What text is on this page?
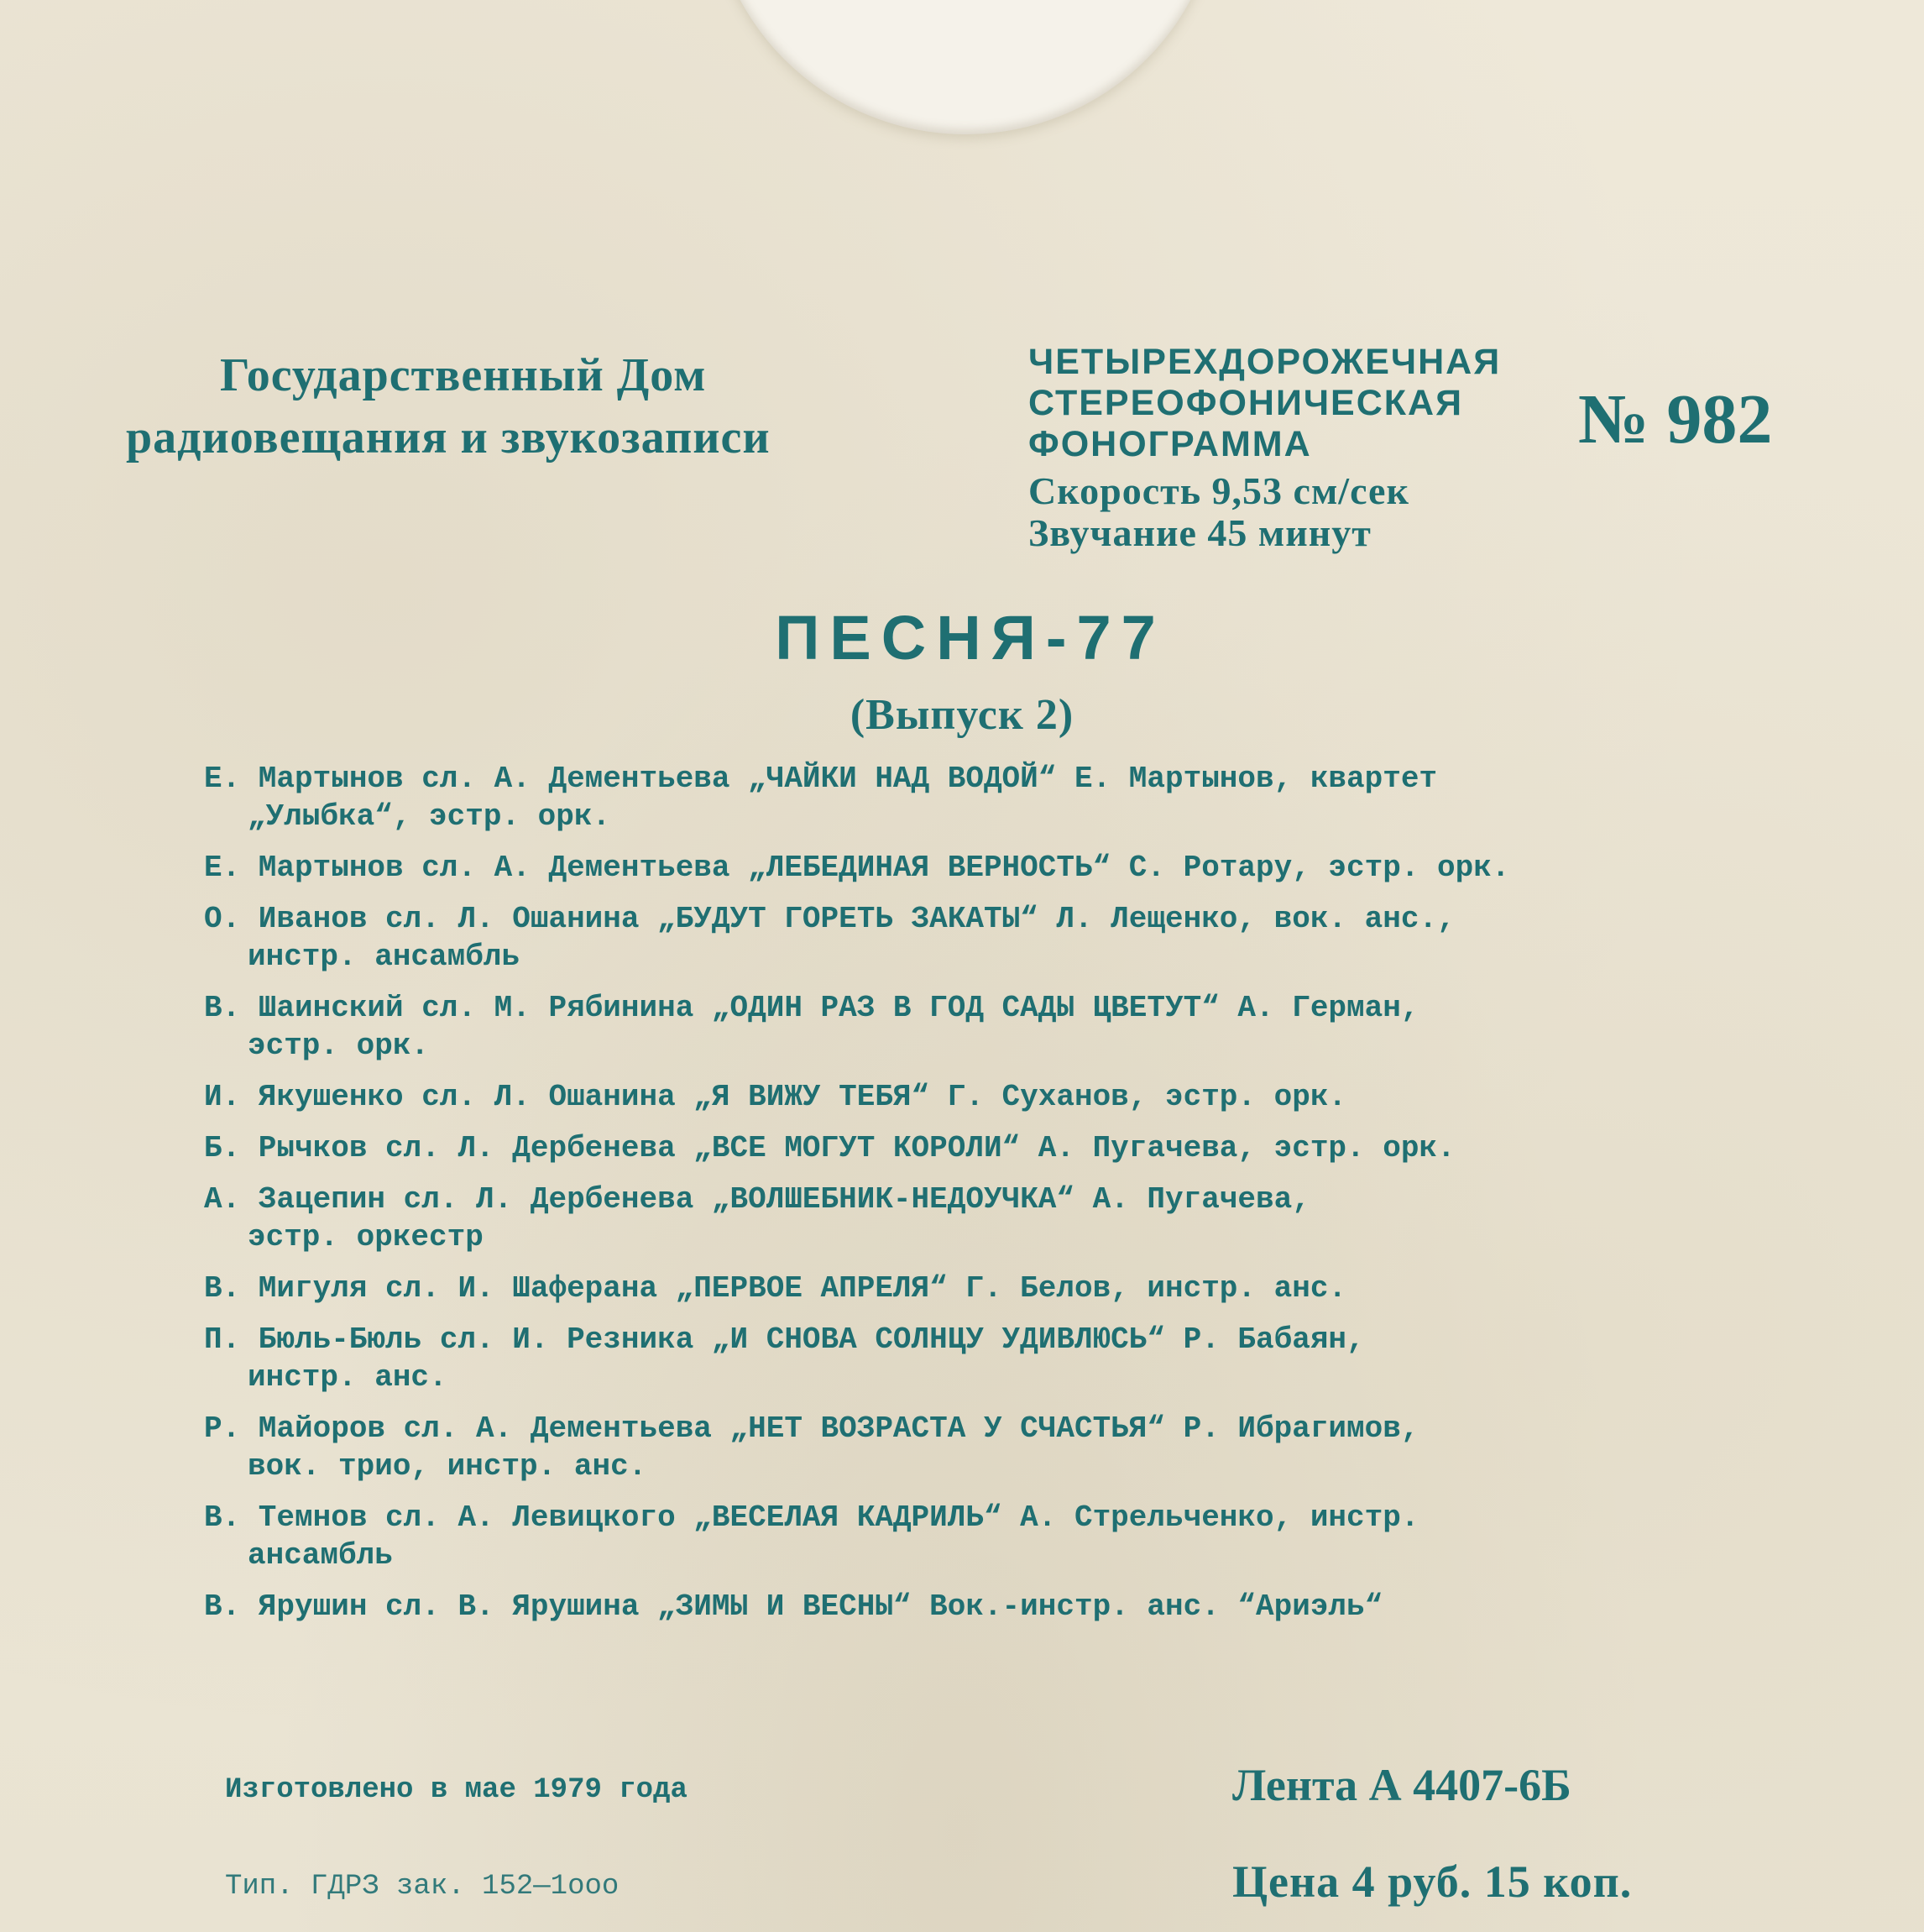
Государственный Дом
радиовещания и звукозаписи
ЧЕТЫРЕХДОРОЖЕЧНАЯ
СТЕРЕОФОНИЧЕСКАЯ
ФОНОГРАММА
Скорость 9,53 см/сек
Звучание 45 минут
№ 982
ПЕСНЯ-77
(Выпуск 2)
Е. Мартынов сл. А. Дементьева „ЧАЙКИ НАД ВОДОЙ“ Е. Мартынов, квартет
„Улыбка“, эстр. орк.
Е. Мартынов сл. А. Дементьева „ЛЕБЕДИНАЯ ВЕРНОСТЬ“ С. Ротару, эстр. орк.
О. Иванов сл. Л. Ошанина „БУДУТ ГОРЕТЬ ЗАКАТЫ“ Л. Лещенко, вок. анс.,
инстр. ансамбль
В. Шаинский сл. М. Рябинина „ОДИН РАЗ В ГОД САДЫ ЦВЕТУТ“ А. Герман,
эстр. орк.
И. Якушенко сл. Л. Ошанина „Я ВИЖУ ТЕБЯ“ Г. Суханов, эстр. орк.
Б. Рычков сл. Л. Дербенева „ВСЕ МОГУТ КОРОЛИ“ А. Пугачева, эстр. орк.
А. Зацепин сл. Л. Дербенева „ВОЛШЕБНИК-НЕДОУЧКА“ А. Пугачева,
эстр. оркестр
В. Мигуля сл. И. Шаферана „ПЕРВОЕ АПРЕЛЯ“ Г. Белов, инстр. анс.
П. Бюль-Бюль сл. И. Резника „И СНОВА СОЛНЦУ УДИВЛЮСЬ“ Р. Бабаян,
инстр. анс.
Р. Майоров сл. А. Дементьева „НЕТ ВОЗРАСТА У СЧАСТЬЯ“ Р. Ибрагимов,
вок. трио, инстр. анс.
В. Темнов сл. А. Левицкого „ВЕСЕЛАЯ КАДРИЛЬ“ А. Стрельченко, инстр.
ансамбль
В. Ярушин сл. В. Ярушина „ЗИМЫ И ВЕСНЫ“ Вок.-инстр. анс. “Ариэль“
Изготовлено в мае 1979 года
Тип. ГДРЗ зак. 152—1ооо
Лента А 4407-6Б
Цена 4 руб. 15 коп.
